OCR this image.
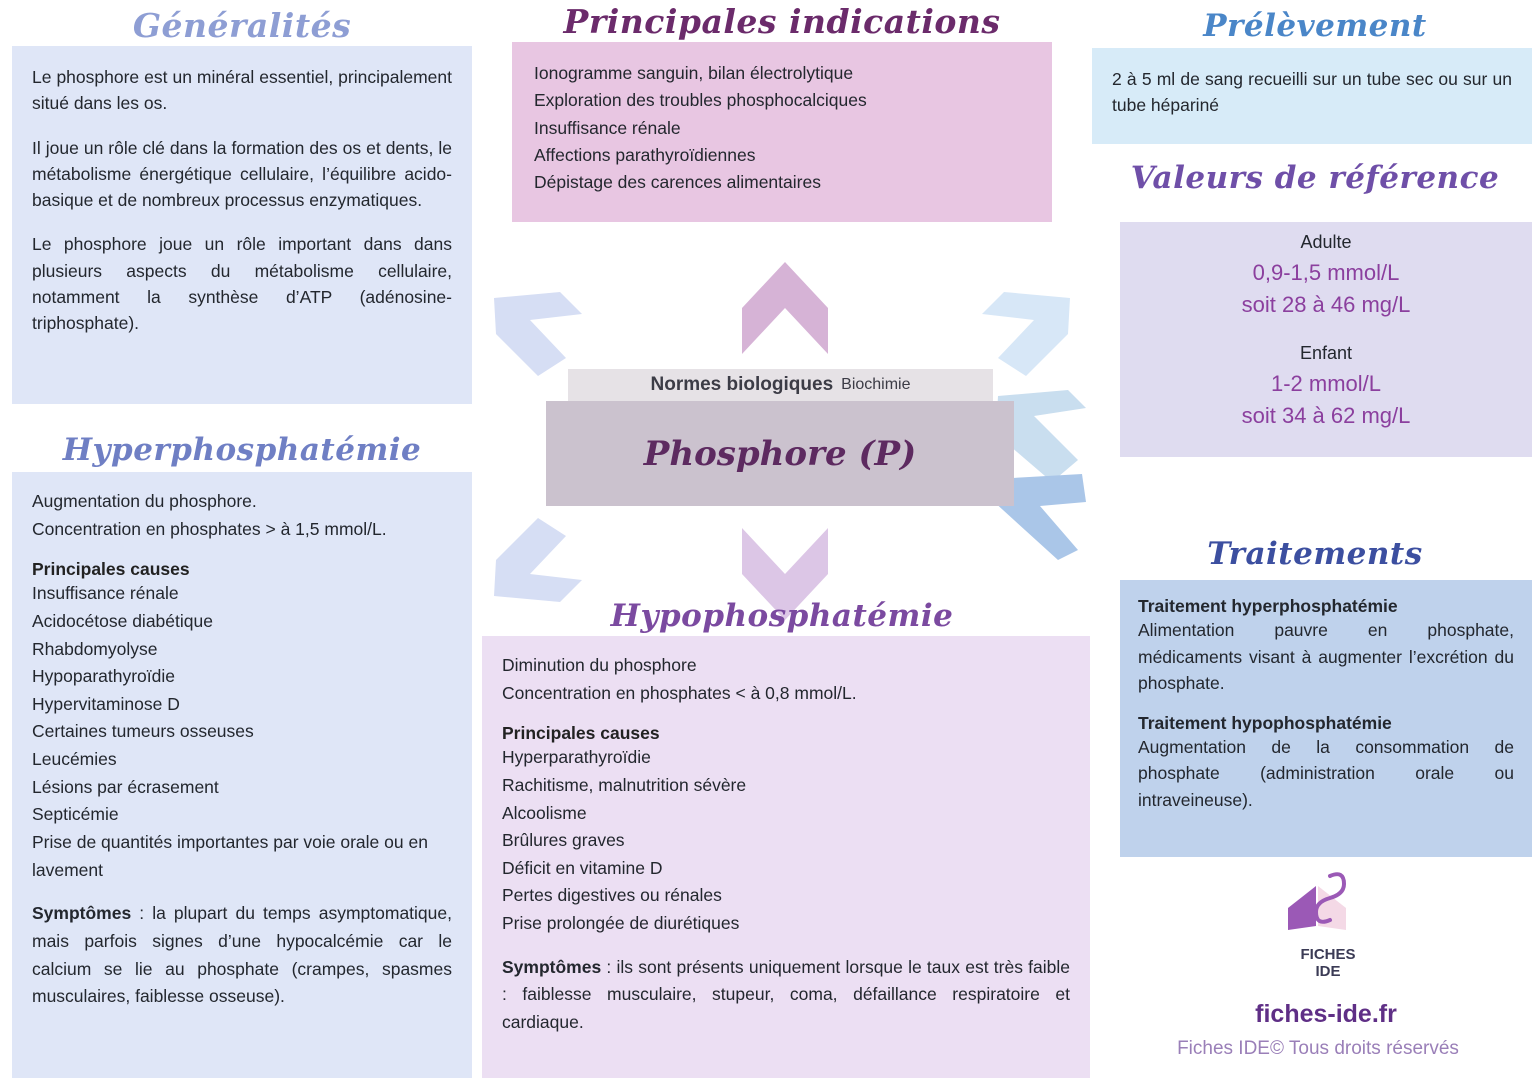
Généralités

Le phosphore est un minéral essentiel, principalement situé dans les os.

Il joue un rôle clé dans la formation des os et dents, le métabolisme énergétique cellulaire, l’équilibre acido-basique et de nombreux processus enzymatiques.

Le phosphore joue un rôle important dans dans plusieurs aspects du métabolisme cellulaire, notamment la synthèse d’ATP (adénosine-triphosphate).

Hyperphosphatémie
Augmentation du phosphore.
Concentration en phosphates > à 1,5 mmol/L.
Principales causes
Insuffisance rénale
Acidocétose diabétique
Rhabdomyolyse
Hypoparathyroïdie
Hypervitaminose D
Certaines tumeurs osseuses
Leucémies
Lésions par écrasement
Septicémie
Prise de quantités importantes par voie orale ou en lavement
Symptômes : la plupart du temps asymptomatique, mais parfois signes d’une hypocalcémie car le calcium se lie au phosphate (crampes, spasmes musculaires, faiblesse osseuse).
Principales indications
Ionogramme sanguin, bilan électrolytique
Exploration des troubles phosphocalciques
Insuffisance rénale
Affections parathyroïdiennes
Dépistage des carences alimentaires
Normes biologiques Biochimie
Phosphore (P)
Hypophosphatémie
Diminution du phosphore
Concentration en phosphates < à 0,8 mmol/L.
Principales causes
Hyperparathyroïdie
Rachitisme, malnutrition sévère
Alcoolisme
Brûlures graves
Déficit en vitamine D
Pertes digestives ou rénales
Prise prolongée de diurétiques
Symptômes : ils sont présents uniquement lorsque le taux est très faible : faiblesse musculaire, stupeur, coma, défaillance respiratoire et cardiaque.
Prélèvement
2 à 5 ml de sang recueilli sur un tube sec ou sur un tube hépariné
Valeurs de référence
Adulte
0,9-1,5 mmol/L
soit 28 à 46 mg/L
Enfant
1-2 mmol/L
soit 34 à 62 mg/L
Traitements
Traitement hyperphosphatémie
Alimentation pauvre en phosphate, médicaments visant à augmenter l’excrétion du phosphate.
Traitement hypophosphatémie
Augmentation de la consommation de phosphate (administration orale ou intraveineuse).
FICHES
IDE
fiches-ide.fr
Fiches IDE© Tous droits réservés
